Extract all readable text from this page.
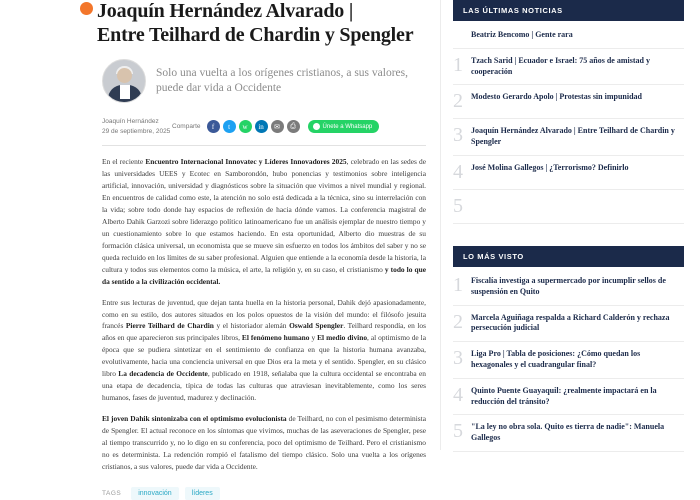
Joaquín Hernández Alvarado |
Entre Teilhard de Chardin y Spengler
Solo una vuelta a los orígenes cristianos, a sus valores, puede dar vida a Occidente
Joaquín Hernández
29 de septiembre, 2025
Comparte	f	t	w	in	✉	⎙	Únete a Whatsapp

En el reciente Encuentro Internacional Innovatec y Líderes Innovadores 2025, celebrado en las sedes de las universidades UEES y Ecotec en Samborondón, hubo ponencias y testimonios sobre inteligencia artificial, innovación, universidad y diagnósticos sobre la situación que vivimos a nivel mundial y regional. En encuentros de calidad como este, la atención no solo está dedicada a la técnica, sino su interrelación con la vida; sobre todo donde hay espacios de reflexión de hacia dónde vamos. La conferencia magistral de Alberto Dahik Garzozi sobre liderazgo político latinoamericano fue un análisis ejemplar de nuestro tiempo y un cuestionamiento sobre lo que estamos haciendo. En esta oportunidad, Alberto dio muestras de su formación clásica universal, un economista que se mueve sin esfuerzo en todos los ámbitos del saber y no se queda recluido en los límites de su saber profesional. Alguien que entiende a la economía desde la historia, la cultura y todos sus elementos como la música, el arte, la religión y, en su caso, el cristianismo y todo lo que da sentido a la civilización occidental.

Entre sus lecturas de juventud, que dejan tanta huella en la historia personal, Dahik dejó apasionadamente, como en su estilo, dos autores situados en los polos opuestos de la visión del mundo: el filósofo jesuita francés Pierre Teilhard de Chardin y el historiador alemán Oswald Spengler. Teilhard respondía, en los años en que aparecieron sus principales libros, El fenómeno humano y El medio divino, al optimismo de la época que se pudiera sintetizar en el sentimiento de confianza en que la historia humana avanzaba, evolutivamente, hacia una conciencia universal en que Dios era la meta y el sentido. Spengler, en su clásico libro La decadencia de Occidente, publicado en 1918, señalaba que la cultura occidental se encontraba en una etapa de decadencia, típica de todas las culturas que atraviesan inevitablemente, como los seres humanos, fases de juventud, madurez y declinación.

El joven Dahik sintonizaba con el optimismo evolucionista de Teilhard, no con el pesimismo determinista de Spengler. El actual reconoce en los síntomas que vivimos, muchas de las aseveraciones de Spengler, pese al tiempo transcurrido y, no lo digo en su conferencia, poco del optimismo de Teilhard. Pero el cristianismo no es determinista. La redención rompió el fatalismo del tiempo clásico. Solo una vuelta a los orígenes cristianos, a sus valores, puede dar vida a Occidente.

TAGS	innovación	líderes
LAS ÚLTIMAS NOTICIAS
Beatriz Bencomo | Gente rara
1	Tzach Sarid | Ecuador e Israel: 75 años de amistad y cooperación
2	Modesto Gerardo Apolo | Protestas sin impunidad
3	Joaquín Hernández Alvarado | Entre Teilhard de Chardin y Spengler
4	José Molina Gallegos | ¿Terrorismo? Definirlo
5
LO MÁS VISTO
1	Fiscalía investiga a supermercado por incumplir sellos de suspensión en Quito
2	Marcela Aguiñaga respalda a Richard Calderón y rechaza persecución judicial
3	Liga Pro | Tabla de posiciones: ¿Cómo quedan los hexagonales y el cuadrangular final?
4	Quinto Puente Guayaquil: ¿realmente impactará en la reducción del tránsito?
5	"La ley no obra sola. Quito es tierra de nadie": Manuela Gallegos
